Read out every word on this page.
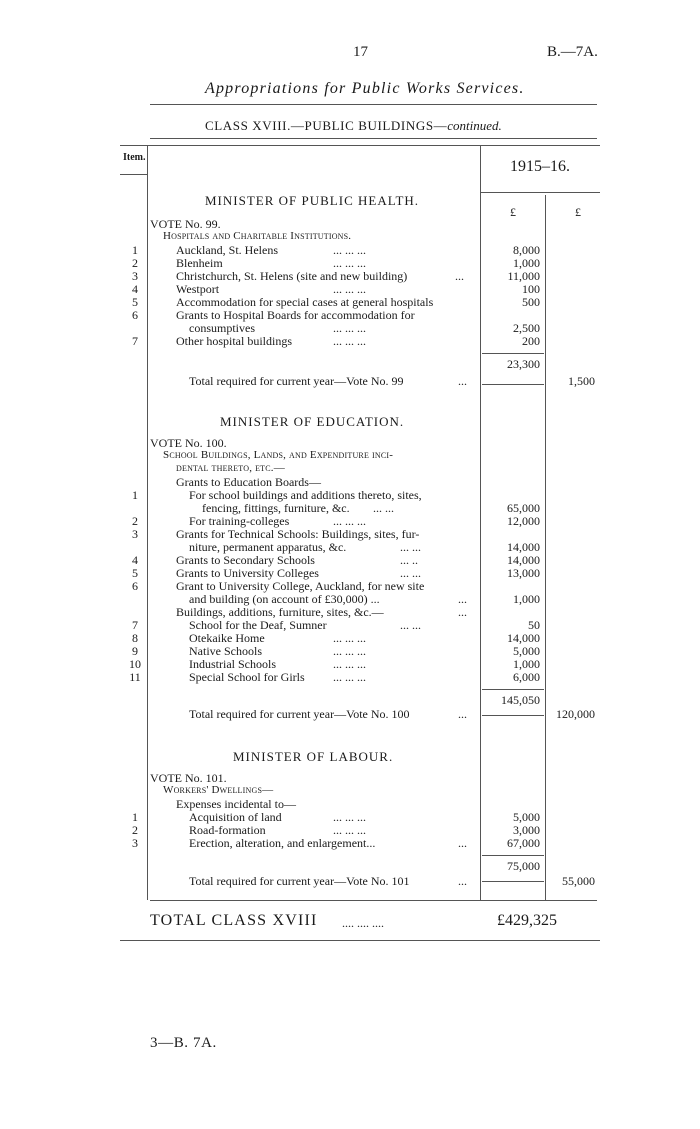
17	B.—7A.
Appropriations for Public Works Services.
CLASS XVIII.—PUBLIC BUILDINGS—continued.
Item.
1915–16.
£	£
MINISTER OF PUBLIC HEALTH.
VOTE No. 99.
Hospitals and Charitable Institutions.
1	Auckland, St. Helens	... ... ...	8,000
2	Blenheim	... ... ...	1,000
3	Christchurch, St. Helens (site and new building)	...	11,000
4	Westport	... ... ...	100
5	Accommodation for special cases at general hospitals	500
6	Grants to Hospital Boards for accommodation for
consumptives	... ... ...	2,500
7	Other hospital buildings	... ... ...	200
23,300
Total required for current year—Vote No. 99	...	1,500
MINISTER OF EDUCATION.
VOTE No. 100.
School Buildings, Lands, and Expenditure inci-
dental thereto, etc.—
Grants to Education Boards—
1	For school buildings and additions thereto, sites,
fencing, fittings, furniture, &c. ... ...	65,000
2	For training-colleges	... ... ...	12,000
3	Grants for Technical Schools: Buildings, sites, fur-
niture, permanent apparatus, &c.	... ...	14,000
4	Grants to Secondary Schools	... ..	14,000
5	Grants to University Colleges	... ...	13,000
6	Grant to University College, Auckland, for new site
and building (on account of £30,000) ...	...	1,000
Buildings, additions, furniture, sites, &c.—	...
7	School for the Deaf, Sumner	... ...	50
8	Otekaike Home	... ... ...	14,000
9	Native Schools	... ... ...	5,000
10	Industrial Schools	... ... ...	1,000
11	Special School for Girls ... ... ...	6,000
145,050
Total required for current year—Vote No. 100	...	120,000
MINISTER OF LABOUR.
VOTE No. 101.
Workers' Dwellings—
Expenses incidental to—
1	Acquisition of land	... ... ...	5,000
2	Road-formation	... ... ...	3,000
3	Erection, alteration, and enlargement...	...	67,000
75,000
Total required for current year—Vote No. 101	...	55,000
TOTAL CLASS XVIII .... .... ....	£429,325
3—B. 7A.
